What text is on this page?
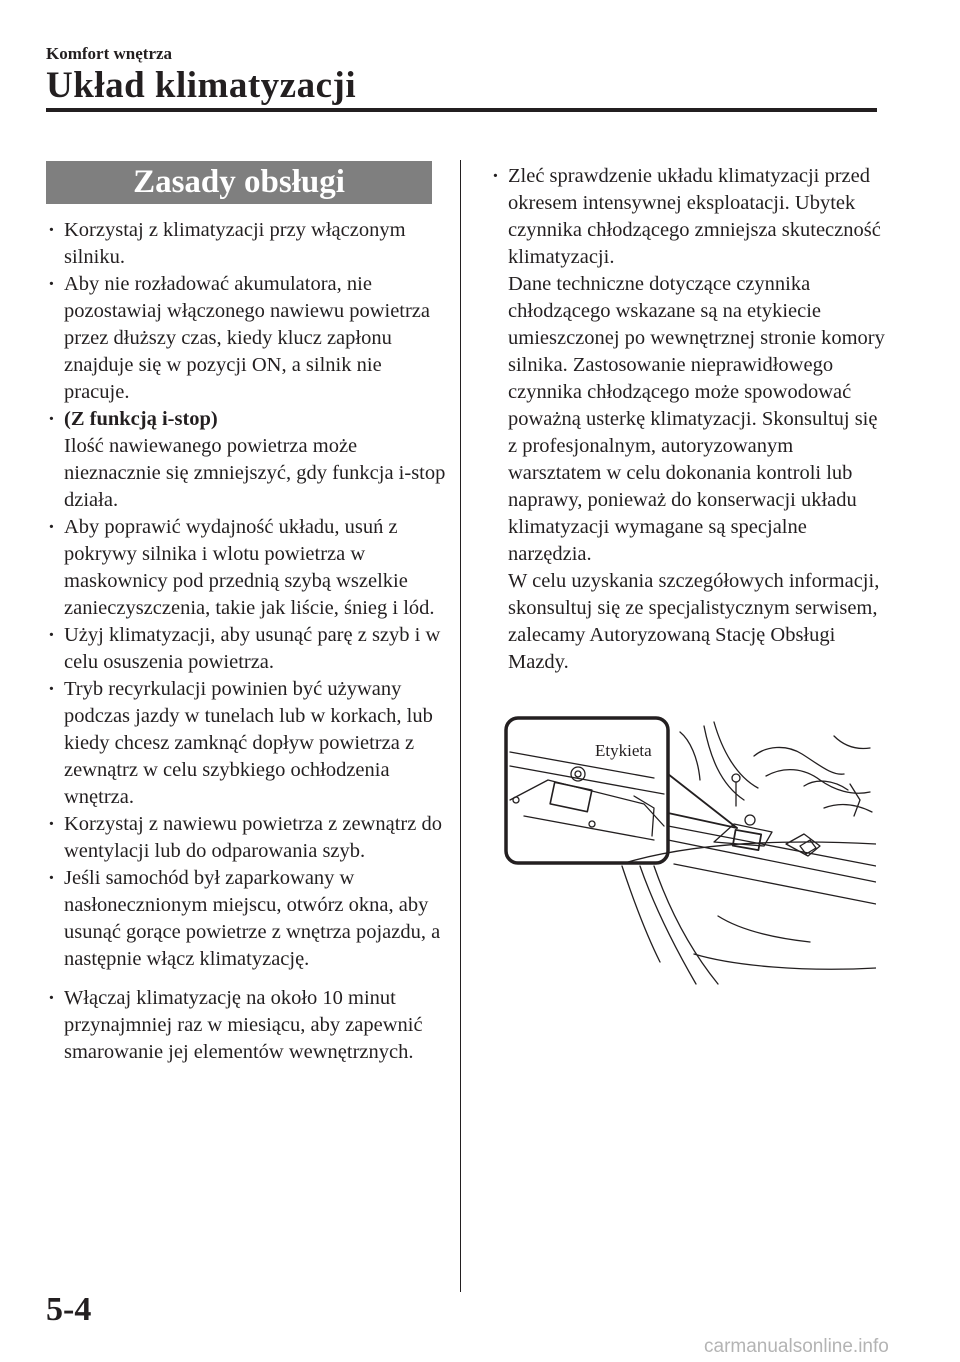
Komfort wnętrza
Układ klimatyzacji
Zasady obsługi
· Korzystaj z klimatyzacji przy włączonym silniku.
· Aby nie rozładować akumulatora, nie pozostawiaj włączonego nawiewu powietrza przez dłuższy czas, kiedy klucz zapłonu znajduje się w pozycji ON, a silnik nie pracuje.
· (Z funkcją i-stop)
Ilość nawiewanego powietrza może nieznacznie się zmniejszyć, gdy funkcja i-stop działa.
· Aby poprawić wydajność układu, usuń z pokrywy silnika i wlotu powietrza w maskownicy pod przednią szybą wszelkie zanieczyszczenia, takie jak liście, śnieg i lód.
· Użyj klimatyzacji, aby usunąć parę z szyb i w celu osuszenia powietrza.
· Tryb recyrkulacji powinien być używany podczas jazdy w tunelach lub w korkach, lub kiedy chcesz zamknąć dopływ powietrza z zewnątrz w celu szybkiego ochłodzenia wnętrza.
· Korzystaj z nawiewu powietrza z zewnątrz do wentylacji lub do odparowania szyb.
· Jeśli samochód był zaparkowany w nasłonecznionym miejscu, otwórz okna, aby usunąć gorące powietrze z wnętrza pojazdu, a następnie włącz klimatyzację.
· Włączaj klimatyzację na około 10 minut przynajmniej raz w miesiącu, aby zapewnić smarowanie jej elementów wewnętrznych.
· Zleć sprawdzenie układu klimatyzacji przed okresem intensywnej eksploatacji. Ubytek czynnika chłodzącego zmniejsza skuteczność klimatyzacji.
Dane techniczne dotyczące czynnika chłodzącego wskazane są na etykiecie umieszczonej po wewnętrznej stronie komory silnika. Zastosowanie nieprawidłowego czynnika chłodzącego może spowodować poważną usterkę klimatyzacji. Skonsultuj się z profesjonalnym, autoryzowanym warsztatem w celu dokonania kontroli lub naprawy, ponieważ do konserwacji układu klimatyzacji wymagane są specjalne narzędzia.
W celu uzyskania szczegółowych informacji, skonsultuj się ze specjalistycznym serwisem, zalecamy Autoryzowaną Stację Obsługi Mazdy.
Etykieta
5-4
carmanualsonline.info
